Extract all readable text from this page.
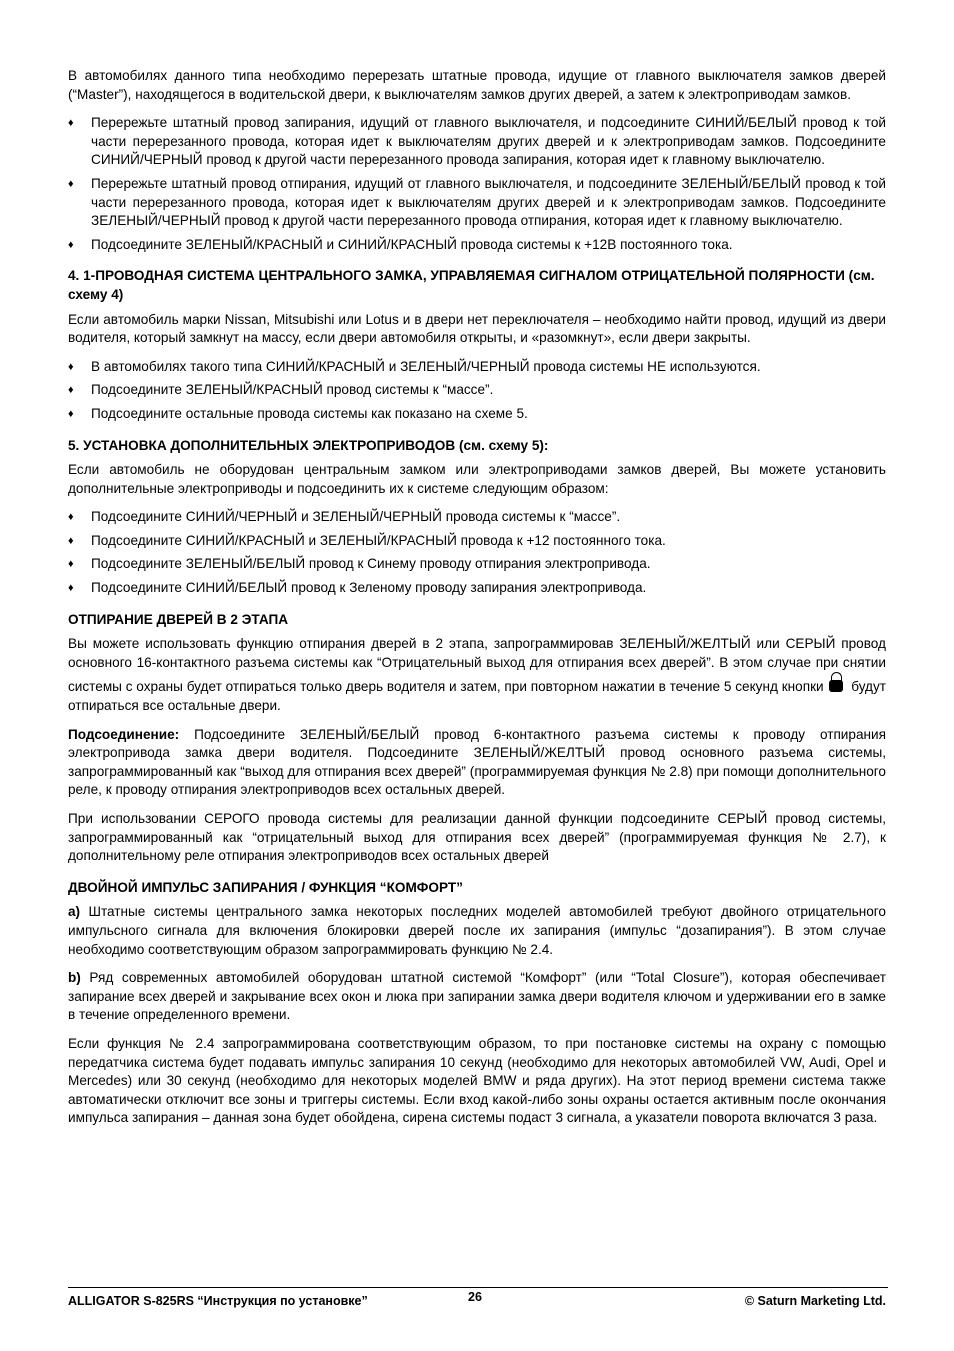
В автомобилях данного типа необходимо перерезать штатные провода, идущие от главного выключателя замков дверей (“Master”), находящегося в водительской двери, к выключателям замков других дверей, а затем к электроприводам замков.

♦ Перережьте штатный провод запирания, идущий от главного выключателя, и подсоедините СИНИЙ/БЕЛЫЙ провод к той части перерезанного провода, которая идет к выключателям других дверей и к электроприводам замков. Подсоедините СИНИЙ/ЧЕРНЫЙ провод к другой части перерезанного провода запирания, которая идет к главному выключателю.
♦ Перережьте штатный провод отпирания, идущий от главного выключателя, и подсоедините ЗЕЛЕНЫЙ/БЕЛЫЙ провод к той части перерезанного провода, которая идет к выключателям других дверей и к электроприводам замков. Подсоедините ЗЕЛЕНЫЙ/ЧЕРНЫЙ провод к другой части перерезанного провода отпирания, которая идет к главному выключателю.
♦ Подсоедините ЗЕЛЕНЫЙ/КРАСНЫЙ и СИНИЙ/КРАСНЫЙ провода системы к +12В постоянного тока.
4. 1-ПРОВОДНАЯ СИСТЕМА ЦЕНТРАЛЬНОГО ЗАМКА, УПРАВЛЯЕМАЯ СИГНАЛОМ ОТРИЦАТЕЛЬНОЙ ПОЛЯРНОСТИ (см. схему 4)

Если автомобиль марки Nissan, Mitsubishi или Lotus и в двери нет переключателя – необходимо найти провод, идущий из двери водителя, который замкнут на массу, если двери автомобиля открыты, и «разомкнут», если двери закрыты.

♦ В автомобилях такого типа СИНИЙ/КРАСНЫЙ и ЗЕЛЕНЫЙ/ЧЕРНЫЙ провода системы НЕ используются.
♦ Подсоедините ЗЕЛЕНЫЙ/КРАСНЫЙ провод системы к “массе”.
♦ Подсоедините остальные провода системы как показано на схеме 5.
5. УСТАНОВКА ДОПОЛНИТЕЛЬНЫХ ЭЛЕКТРОПРИВОДОВ (см. схему 5):

Если автомобиль не оборудован центральным замком или электроприводами замков дверей, Вы можете установить дополнительные электроприводы и подсоединить их к системе следующим образом:

♦ Подсоедините СИНИЙ/ЧЕРНЫЙ и ЗЕЛЕНЫЙ/ЧЕРНЫЙ провода системы к “массе”.
♦ Подсоедините СИНИЙ/КРАСНЫЙ и ЗЕЛЕНЫЙ/КРАСНЫЙ провода к +12 постоянного тока.
♦ Подсоедините ЗЕЛЕНЫЙ/БЕЛЫЙ провод к Синему проводу отпирания электропривода.
♦ Подсоедините СИНИЙ/БЕЛЫЙ провод к Зеленому проводу запирания электропривода.
ОТПИРАНИЕ ДВЕРЕЙ В 2 ЭТАПА

Вы можете использовать функцию отпирания дверей в 2 этапа, запрограммировав ЗЕЛЕНЫЙ/ЖЕЛТЫЙ или СЕРЫЙ провод основного 16-контактного разъема системы как “Отрицательный выход для отпирания всех дверей”. В этом случае при снятии системы с охраны будет отпираться только дверь водителя и затем, при повторном нажатии в течение 5 секунд кнопки будут отпираться все остальные двери.

Подсоединение: Подсоедините ЗЕЛЕНЫЙ/БЕЛЫЙ провод 6-контактного разъема системы к проводу отпирания электропривода замка двери водителя. Подсоедините ЗЕЛЕНЫЙ/ЖЕЛТЫЙ провод основного разъема системы, запрограммированный как “выход для отпирания всех дверей” (программируемая функция № 2.8) при помощи дополнительного реле, к проводу отпирания электроприводов всех остальных дверей.

При использовании СЕРОГО провода системы для реализации данной функции подсоедините СЕРЫЙ провод системы, запрограммированный как “отрицательный выход для отпирания всех дверей” (программируемая функция № 2.7), к дополнительному реле отпирания электроприводов всех остальных дверей

ДВОЙНОЙ ИМПУЛЬС ЗАПИРАНИЯ / ФУНКЦИЯ “КОМФОРТ”

a) Штатные системы центрального замка некоторых последних моделей автомобилей требуют двойного отрицательного импульсного сигнала для включения блокировки дверей после их запирания (импульс “дозапирания”). В этом случае необходимо соответствующим образом запрограммировать функцию № 2.4.

b) Ряд современных автомобилей оборудован штатной системой “Комфорт” (или “Total Closure”), которая обеспечивает запирание всех дверей и закрывание всех окон и люка при запирании замка двери водителя ключом и удерживании его в замке в течение определенного времени.

Если функция № 2.4 запрограммирована соответствующим образом, то при постановке системы на охрану с помощью передатчика система будет подавать импульс запирания 10 секунд (необходимо для некоторых автомобилей VW, Audi, Opel и Mercedes) или 30 секунд (необходимо для некоторых моделей BMW и ряда других). На этот период времени система также автоматически отключит все зоны и триггеры системы. Если вход какой-либо зоны охраны остается активным после окончания импульса запирания – данная зона будет обойдена, сирена системы подаст 3 сигнала, а указатели поворота включатся 3 раза.

ALLIGATOR S-825RS “Инструкция по установке”	26	© Saturn Marketing Ltd.
